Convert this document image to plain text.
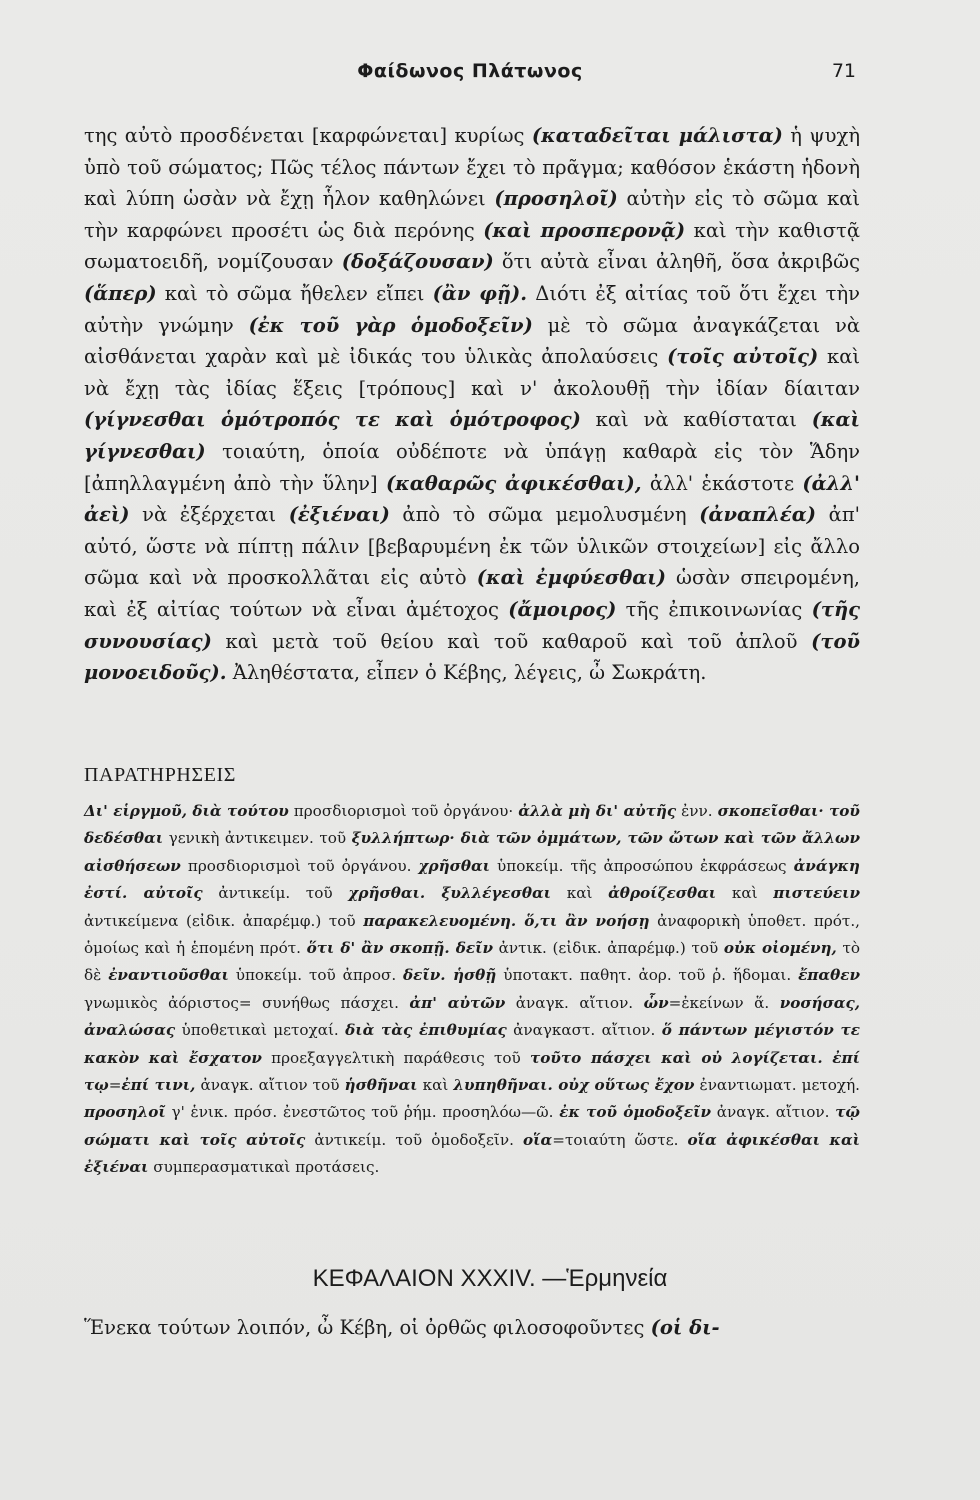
Φαίδωνος Πλάτωνος	71
της αὐτὸ προσδένεται [καρφώνεται] κυρίως (καταδεῖται μάλιστα) ἡ ψυχὴ ὑπὸ τοῦ σώματος; Πῶς τέλος πάντων ἔχει τὸ πρᾶγμα; καθόσον ἑκάστη ἡδονὴ καὶ λύπη ὡσὰν νὰ ἔχῃ ἧλον καθηλώνει (προσηλοῖ) αὐτὴν εἰς τὸ σῶμα καὶ τὴν καρφώνει προσέτι ὡς διὰ περόνης (καὶ προσπερονᾷ) καὶ τὴν καθιστᾷ σωματοειδῆ, νομίζουσαν (δοξάζουσαν) ὅτι αὐτὰ εἶναι ἀληθῆ, ὅσα ἀκριβῶς (ἅπερ) καὶ τὸ σῶμα ἤθελεν εἴπει (ἂν φῇ). Διότι ἐξ αἰτίας τοῦ ὅτι ἔχει τὴν αὐτὴν γνώμην (ἐκ τοῦ γὰρ ὁμοδοξεῖν) μὲ τὸ σῶμα ἀναγκάζεται νὰ αἰσθάνεται χαρὰν καὶ μὲ ἰδικάς του ὑλικὰς ἀπολαύσεις (τοῖς αὐτοῖς) καὶ νὰ ἔχῃ τὰς ἰδίας ἕξεις [τρόπους] καὶ ν' ἀκολουθῇ τὴν ἰδίαν δίαιταν (γίγνεσθαι ὁμότροπός τε καὶ ὁμότροφος) καὶ νὰ καθίσταται (καὶ γίγνεσθαι) τοιαύτη, ὁποία οὐδέποτε νὰ ὑπάγῃ καθαρὰ εἰς τὸν Ἅδην [ἀπηλλαγμένη ἀπὸ τὴν ὕλην] (καθαρῶς ἀφικέσθαι), ἀλλ' ἑκάστοτε (ἀλλ' ἀεὶ) νὰ ἐξέρχεται (ἐξιέναι) ἀπὸ τὸ σῶμα μεμολυσμένη (ἀναπλέα) ἀπ' αὐτό, ὥστε νὰ πίπτῃ πάλιν [βεβαρυμένη ἐκ τῶν ὑλικῶν στοιχείων] εἰς ἄλλο σῶμα καὶ νὰ προσκολλᾶται εἰς αὐτὸ (καὶ ἐμφύεσθαι) ὡσὰν σπειρομένη, καὶ ἐξ αἰτίας τούτων νὰ εἶναι ἀμέτοχος (ἄμοιρος) τῆς ἐπικοινωνίας (τῆς συνουσίας) καὶ μετὰ τοῦ θείου καὶ τοῦ καθαροῦ καὶ τοῦ ἁπλοῦ (τοῦ μονοειδοῦς). Ἀληθέστατα, εἶπεν ὁ Κέβης, λέγεις, ὦ Σωκράτη.
ΠΑΡΑΤΗΡΗΣΕΙΣ
Δι' εἱργμοῦ, διὰ τούτου προσδιορισμοὶ τοῦ ὀργάνου· ἀλλὰ μὴ δι' αὐτῆς ἐνν. σκοπεῖσθαι· τοῦ δεδέσθαι γενικὴ ἀντικειμεν. τοῦ ξυλλήπτωρ· διὰ τῶν ὀμμάτων, τῶν ὤτων καὶ τῶν ἄλλων αἰσθήσεων προσδιορισμοὶ τοῦ ὀργάνου. χρῆσθαι ὑποκείμ. τῆς ἀπροσώπου ἐκφράσεως ἀνάγκη ἐστί. αὐτοῖς ἀντικείμ. τοῦ χρῆσθαι. ξυλλέγεσθαι καὶ ἀθροίζεσθαι καὶ πιστεύειν ἀντικείμενα (εἰδικ. ἀπαρέμφ.) τοῦ παρακελευομένη. ὅ,τι ἂν νοήσῃ ἀναφορικὴ ὑποθετ. πρότ., ὁμοίως καὶ ἡ ἑπομένη πρότ. ὅτι δ' ἂν σκοπῇ. δεῖν ἀντικ. (εἰδικ. ἀπαρέμφ.) τοῦ οὐκ οἰομένη, τὸ δὲ ἐναντιοῦσθαι ὑποκείμ. τοῦ ἀπροσ. δεῖν. ἡσθῇ ὑποτακτ. παθητ. ἀορ. τοῦ ῥ. ἥδομαι. ἔπαθεν γνωμικὸς ἀόριστος= συνήθως πάσχει. ἀπ' αὐτῶν ἀναγκ. αἴτιον. ὧν=ἐκείνων ἅ. νοσήσας, ἀναλώσας ὑποθετικαὶ μετοχαί. διὰ τὰς ἐπιθυμίας ἀναγκαστ. αἴτιον. ὅ πάντων μέγιστόν τε κακὸν καὶ ἔσχατον προεξαγγελτικὴ παράθεσις τοῦ τοῦτο πάσχει καὶ οὐ λογίζεται. ἐπί τῳ=ἐπί τινι, ἀναγκ. αἴτιον τοῦ ἡσθῆναι καὶ λυπηθῆναι. οὐχ οὕτως ἔχον ἐναντιωματ. μετοχή. προσηλοῖ γ' ἑνικ. πρόσ. ἐνεστῶτος τοῦ ῥήμ. προσηλόω—ῶ. ἐκ τοῦ ὁμοδοξεῖν ἀναγκ. αἴτιον. τῷ σώματι καὶ τοῖς αὐτοῖς ἀντικείμ. τοῦ ὁμοδοξεῖν. οἵα=τοιαύτη ὥστε. οἵα ἀφικέσθαι καὶ ἐξιέναι συμπερασματικαὶ προτάσεις.
ΚΕΦΑΛΑΙΟΝ XXXIV. —Ἑρμηνεία
Ἕνεκα τούτων λοιπόν, ὦ Κέβη, οἱ ὀρθῶς φιλοσοφοῦντες (οἱ δι-
